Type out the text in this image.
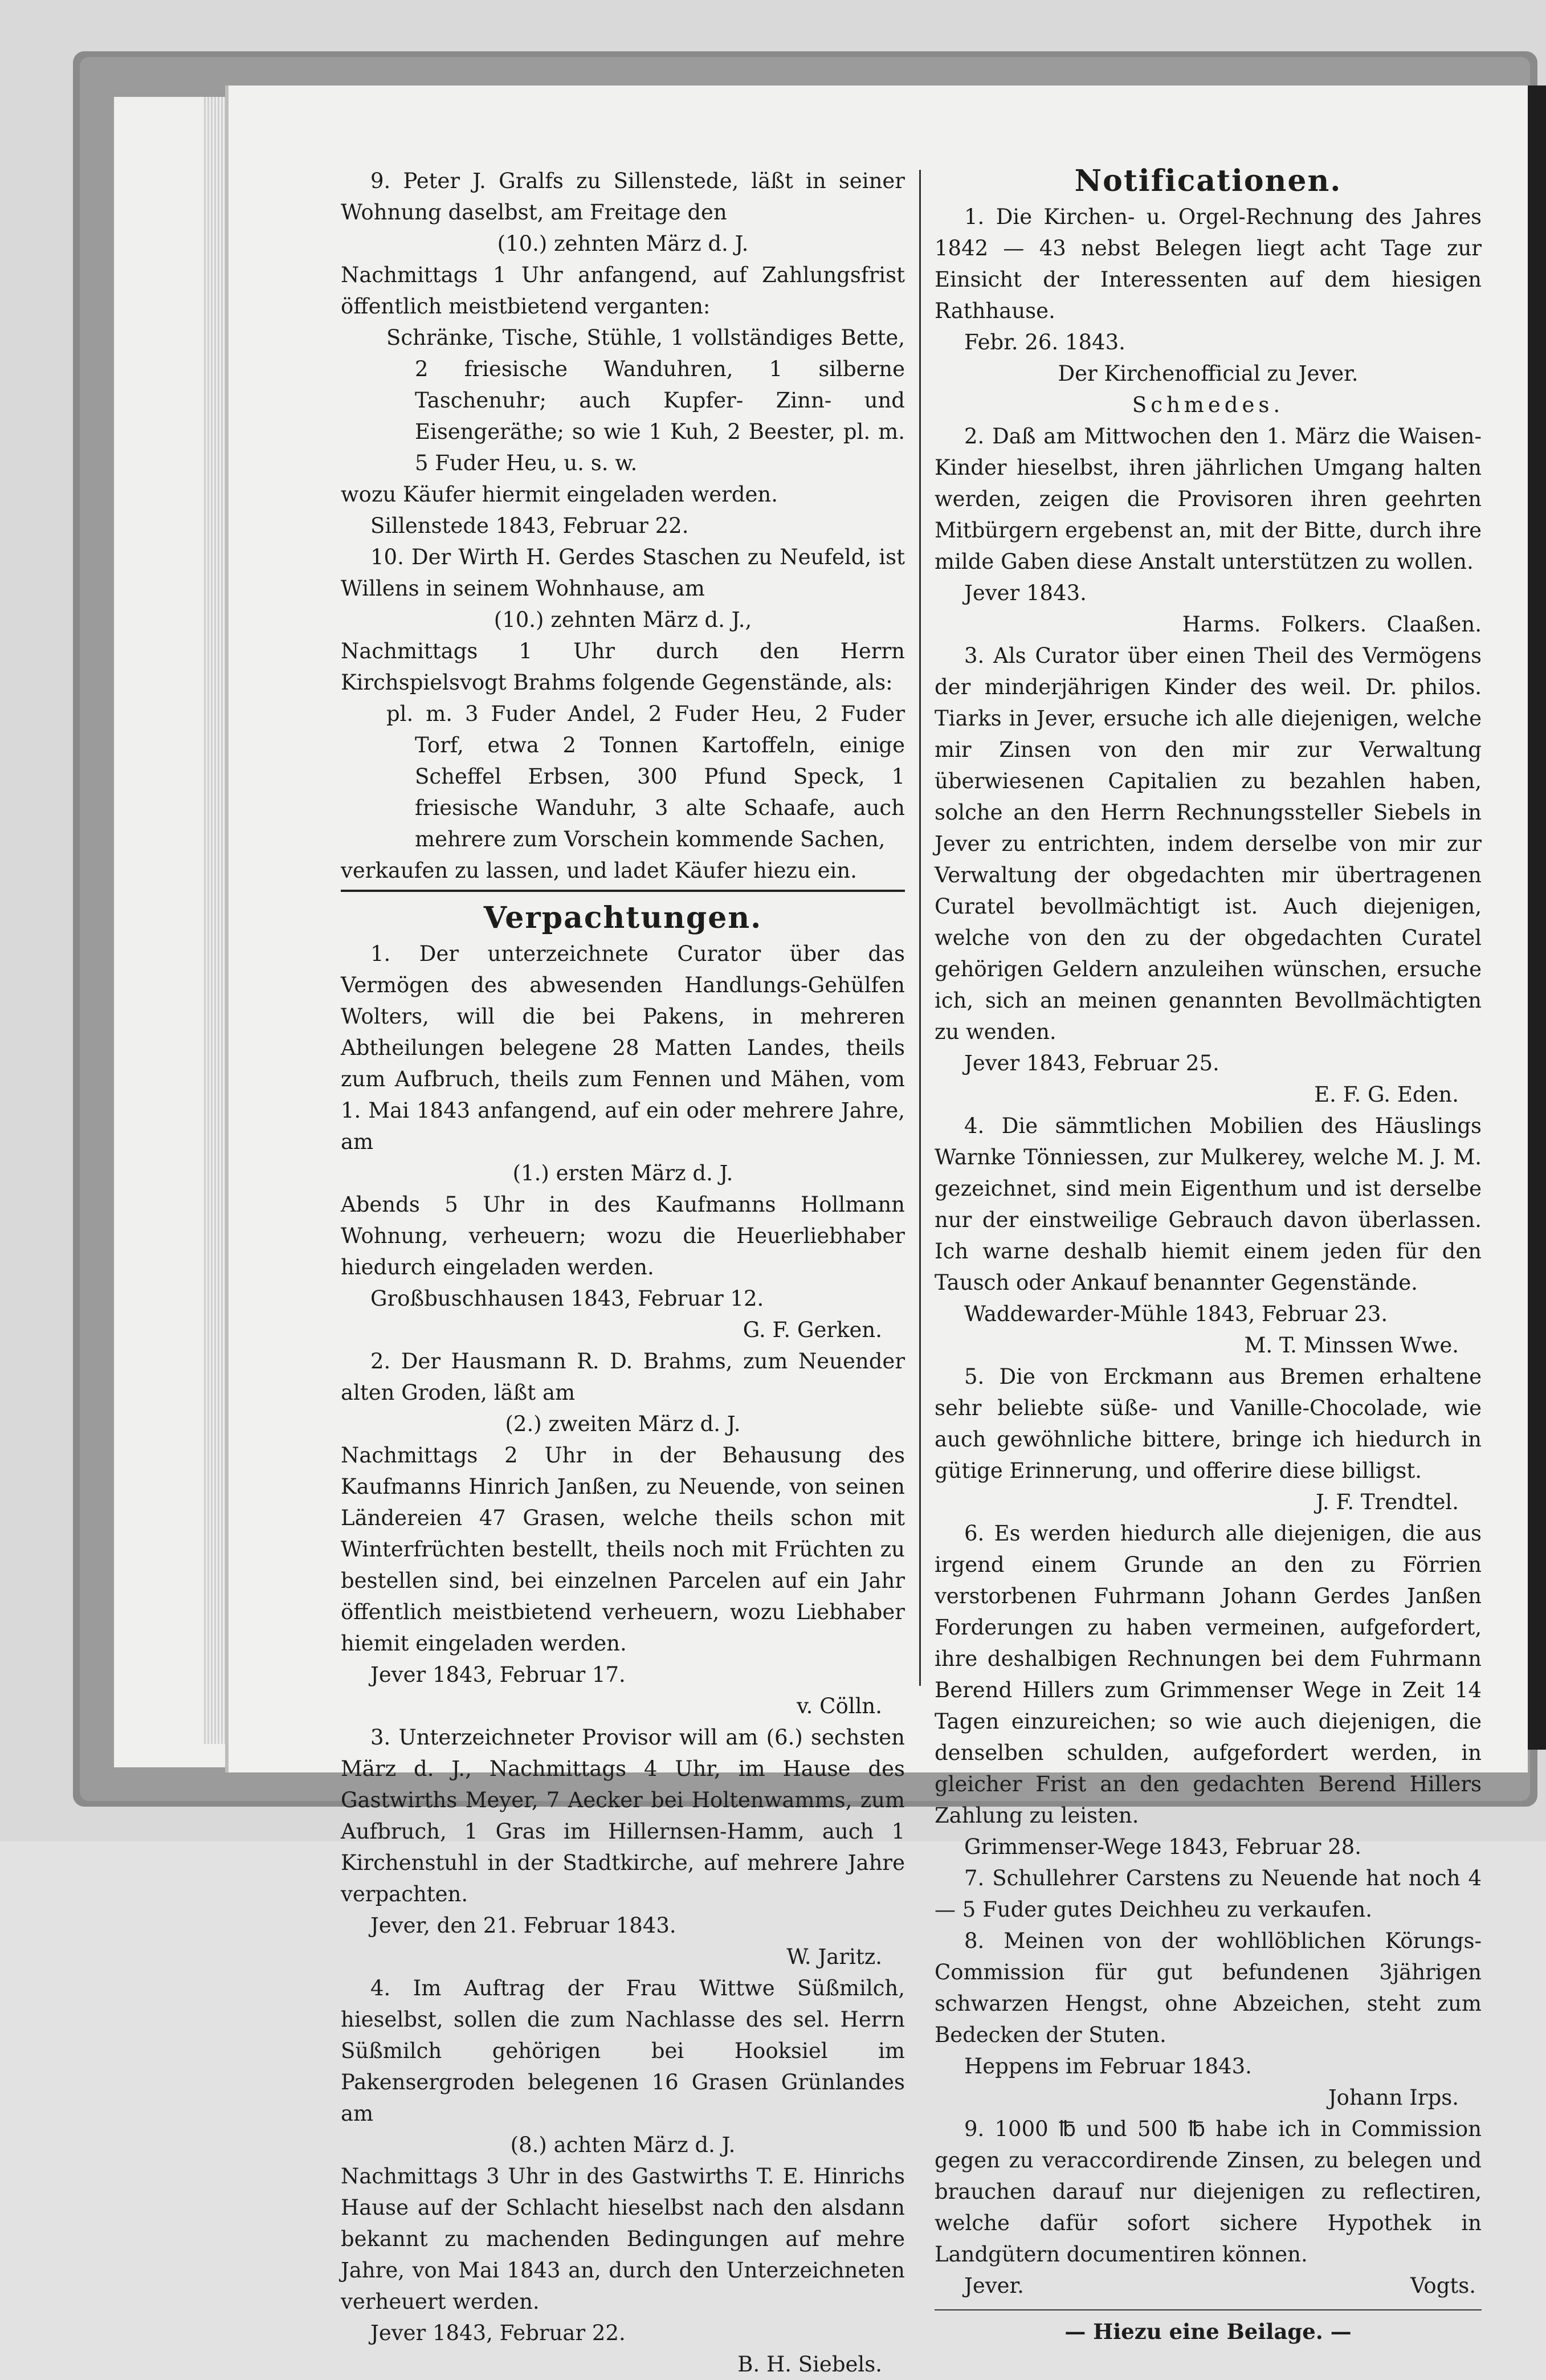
9. Peter J. Gralfs zu Sillenstede, läßt in seiner Wohnung daselbst, am Freitage den

(10.) zehnten März d. J.

Nachmittags 1 Uhr anfangend, auf Zahlungsfrist öffentlich meistbietend verganten:

Schränke, Tische, Stühle, 1 vollständiges Bette, 2 friesische Wanduhren, 1 silberne Taschenuhr; auch Kupfer- Zinn- und Eisengeräthe; so wie 1 Kuh, 2 Beester, pl. m. 5 Fuder Heu, u. s. w.

wozu Käufer hiermit eingeladen werden.

Sillenstede 1843, Februar 22.

10. Der Wirth H. Gerdes Staschen zu Neufeld, ist Willens in seinem Wohnhause, am

(10.) zehnten März d. J.,

Nachmittags 1 Uhr durch den Herrn Kirchspielsvogt Brahms folgende Gegenstände, als:

pl. m. 3 Fuder Andel, 2 Fuder Heu, 2 Fuder Torf, etwa 2 Tonnen Kartoffeln, einige Scheffel Erbsen, 300 Pfund Speck, 1 friesische Wanduhr, 3 alte Schaafe, auch mehrere zum Vorschein kommende Sachen,

verkaufen zu lassen, und ladet Käufer hiezu ein.

Verpachtungen.

1. Der unterzeichnete Curator über das Vermögen des abwesenden Handlungs-Gehülfen Wolters, will die bei Pakens, in mehreren Abtheilungen belegene 28 Matten Landes, theils zum Aufbruch, theils zum Fennen und Mähen, vom 1. Mai 1843 anfangend, auf ein oder mehrere Jahre, am

(1.) ersten März d. J.

Abends 5 Uhr in des Kaufmanns Hollmann Wohnung, verheuern; wozu die Heuerliebhaber hiedurch eingeladen werden.

Großbuschhausen 1843, Februar 12.

G. F. Gerken.

2. Der Hausmann R. D. Brahms, zum Neuender alten Groden, läßt am

(2.) zweiten März d. J.

Nachmittags 2 Uhr in der Behausung des Kaufmanns Hinrich Janßen, zu Neuende, von seinen Ländereien 47 Grasen, welche theils schon mit Winterfrüchten bestellt, theils noch mit Früchten zu bestellen sind, bei einzelnen Parcelen auf ein Jahr öffentlich meistbietend verheuern, wozu Liebhaber hiemit eingeladen werden.

Jever 1843, Februar 17.

v. Cölln.

3. Unterzeichneter Provisor will am (6.) sechsten März d. J., Nachmittags 4 Uhr, im Hause des Gastwirths Meyer, 7 Aecker bei Holtenwamms, zum Aufbruch, 1 Gras im Hillernsen-Hamm, auch 1 Kirchenstuhl in der Stadtkirche, auf mehrere Jahre verpachten.

Jever, den 21. Februar 1843.

W. Jaritz.

4. Im Auftrag der Frau Wittwe Süßmilch, hieselbst, sollen die zum Nachlasse des sel. Herrn Süßmilch gehörigen bei Hooksiel im Pakensergroden belegenen 16 Grasen Grünlandes am

(8.) achten März d. J.

Nachmittags 3 Uhr in des Gastwirths T. E. Hinrichs Hause auf der Schlacht hieselbst nach den alsdann bekannt zu machenden Bedingungen auf mehre Jahre, von Mai 1843 an, durch den Unterzeichneten verheuert werden.

Jever 1843, Februar 22.

B. H. Siebels.

Notificationen.

1. Die Kirchen- u. Orgel-Rechnung des Jahres 1842 — 43 nebst Belegen liegt acht Tage zur Einsicht der Interessenten auf dem hiesigen Rathhause.

Febr. 26. 1843.

Der Kirchenofficial zu Jever.

Schmedes.

2. Daß am Mittwochen den 1. März die Waisen-Kinder hieselbst, ihren jährlichen Umgang halten werden, zeigen die Provisoren ihren geehrten Mitbürgern ergebenst an, mit der Bitte, durch ihre milde Gaben diese Anstalt unterstützen zu wollen.

Jever 1843.

Harms.   Folkers.   Claaßen.

3. Als Curator über einen Theil des Vermögens der minderjährigen Kinder des weil. Dr. philos. Tiarks in Jever, ersuche ich alle diejenigen, welche mir Zinsen von den mir zur Verwaltung überwiesenen Capitalien zu bezahlen haben, solche an den Herrn Rechnungssteller Siebels in Jever zu entrichten, indem derselbe von mir zur Verwaltung der obgedachten mir übertragenen Curatel bevollmächtigt ist. Auch diejenigen, welche von den zu der obgedachten Curatel gehörigen Geldern anzuleihen wünschen, ersuche ich, sich an meinen genannten Bevollmächtigten zu wenden.

Jever 1843, Februar 25.

E. F. G. Eden.

4. Die sämmtlichen Mobilien des Häuslings Warnke Tönniessen, zur Mulkerey, welche M. J. M. gezeichnet, sind mein Eigenthum und ist derselbe nur der einstweilige Gebrauch davon überlassen. Ich warne deshalb hiemit einem jeden für den Tausch oder Ankauf benannter Gegenstände.

Waddewarder-Mühle 1843, Februar 23.

M. T. Minssen Wwe.

5. Die von Erckmann aus Bremen erhaltene sehr beliebte süße- und Vanille-Chocolade, wie auch gewöhnliche bittere, bringe ich hiedurch in gütige Erinnerung, und offerire diese billigst.

J. F. Trendtel.

6. Es werden hiedurch alle diejenigen, die aus irgend einem Grunde an den zu Förrien verstorbenen Fuhrmann Johann Gerdes Janßen Forderungen zu haben vermeinen, aufgefordert, ihre deshalbigen Rechnungen bei dem Fuhrmann Berend Hillers zum Grimmenser Wege in Zeit 14 Tagen einzureichen; so wie auch diejenigen, die denselben schulden, aufgefordert werden, in gleicher Frist an den gedachten Berend Hillers Zahlung zu leisten.

Grimmenser-Wege 1843, Februar 28.

7. Schullehrer Carstens zu Neuende hat noch 4 — 5 Fuder gutes Deichheu zu verkaufen.

8. Meinen von der wohllöblichen Körungs-Commission für gut befundenen 3jährigen schwarzen Hengst, ohne Abzeichen, steht zum Bedecken der Stuten.

Heppens im Februar 1843.

Johann Irps.

9. 1000 ℔ und 500 ℔ habe ich in Commission gegen zu veraccordirende Zinsen, zu belegen und brauchen darauf nur diejenigen zu reflectiren, welche dafür sofort sichere Hypothek in Landgütern documentiren können.

Jever.	Vogts.

— Hiezu eine Beilage. —
